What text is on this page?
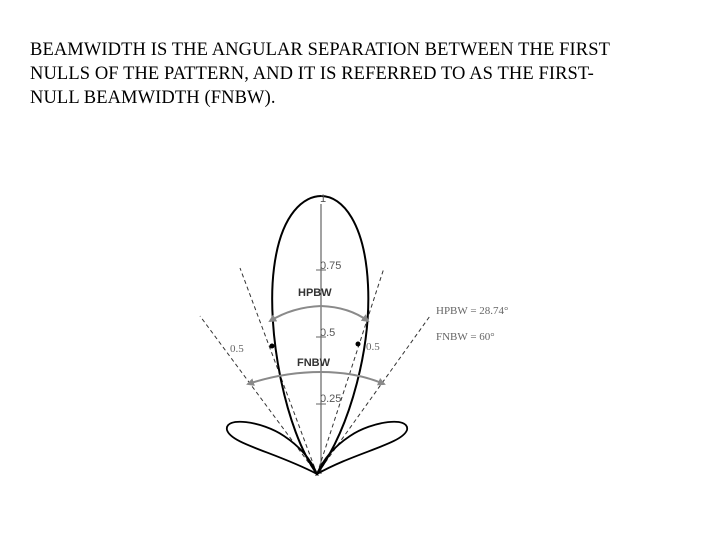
BEAMWIDTH IS THE ANGULAR SEPARATION BETWEEN THE FIRST
NULLS OF THE PATTERN, AND IT IS REFERRED TO AS THE FIRST-
NULL BEAMWIDTH (FNBW).
1
0.75
0.5
0.25
0.5	0.5
HPBW
FNBW
HPBW = 28.74°
FNBW = 60°
